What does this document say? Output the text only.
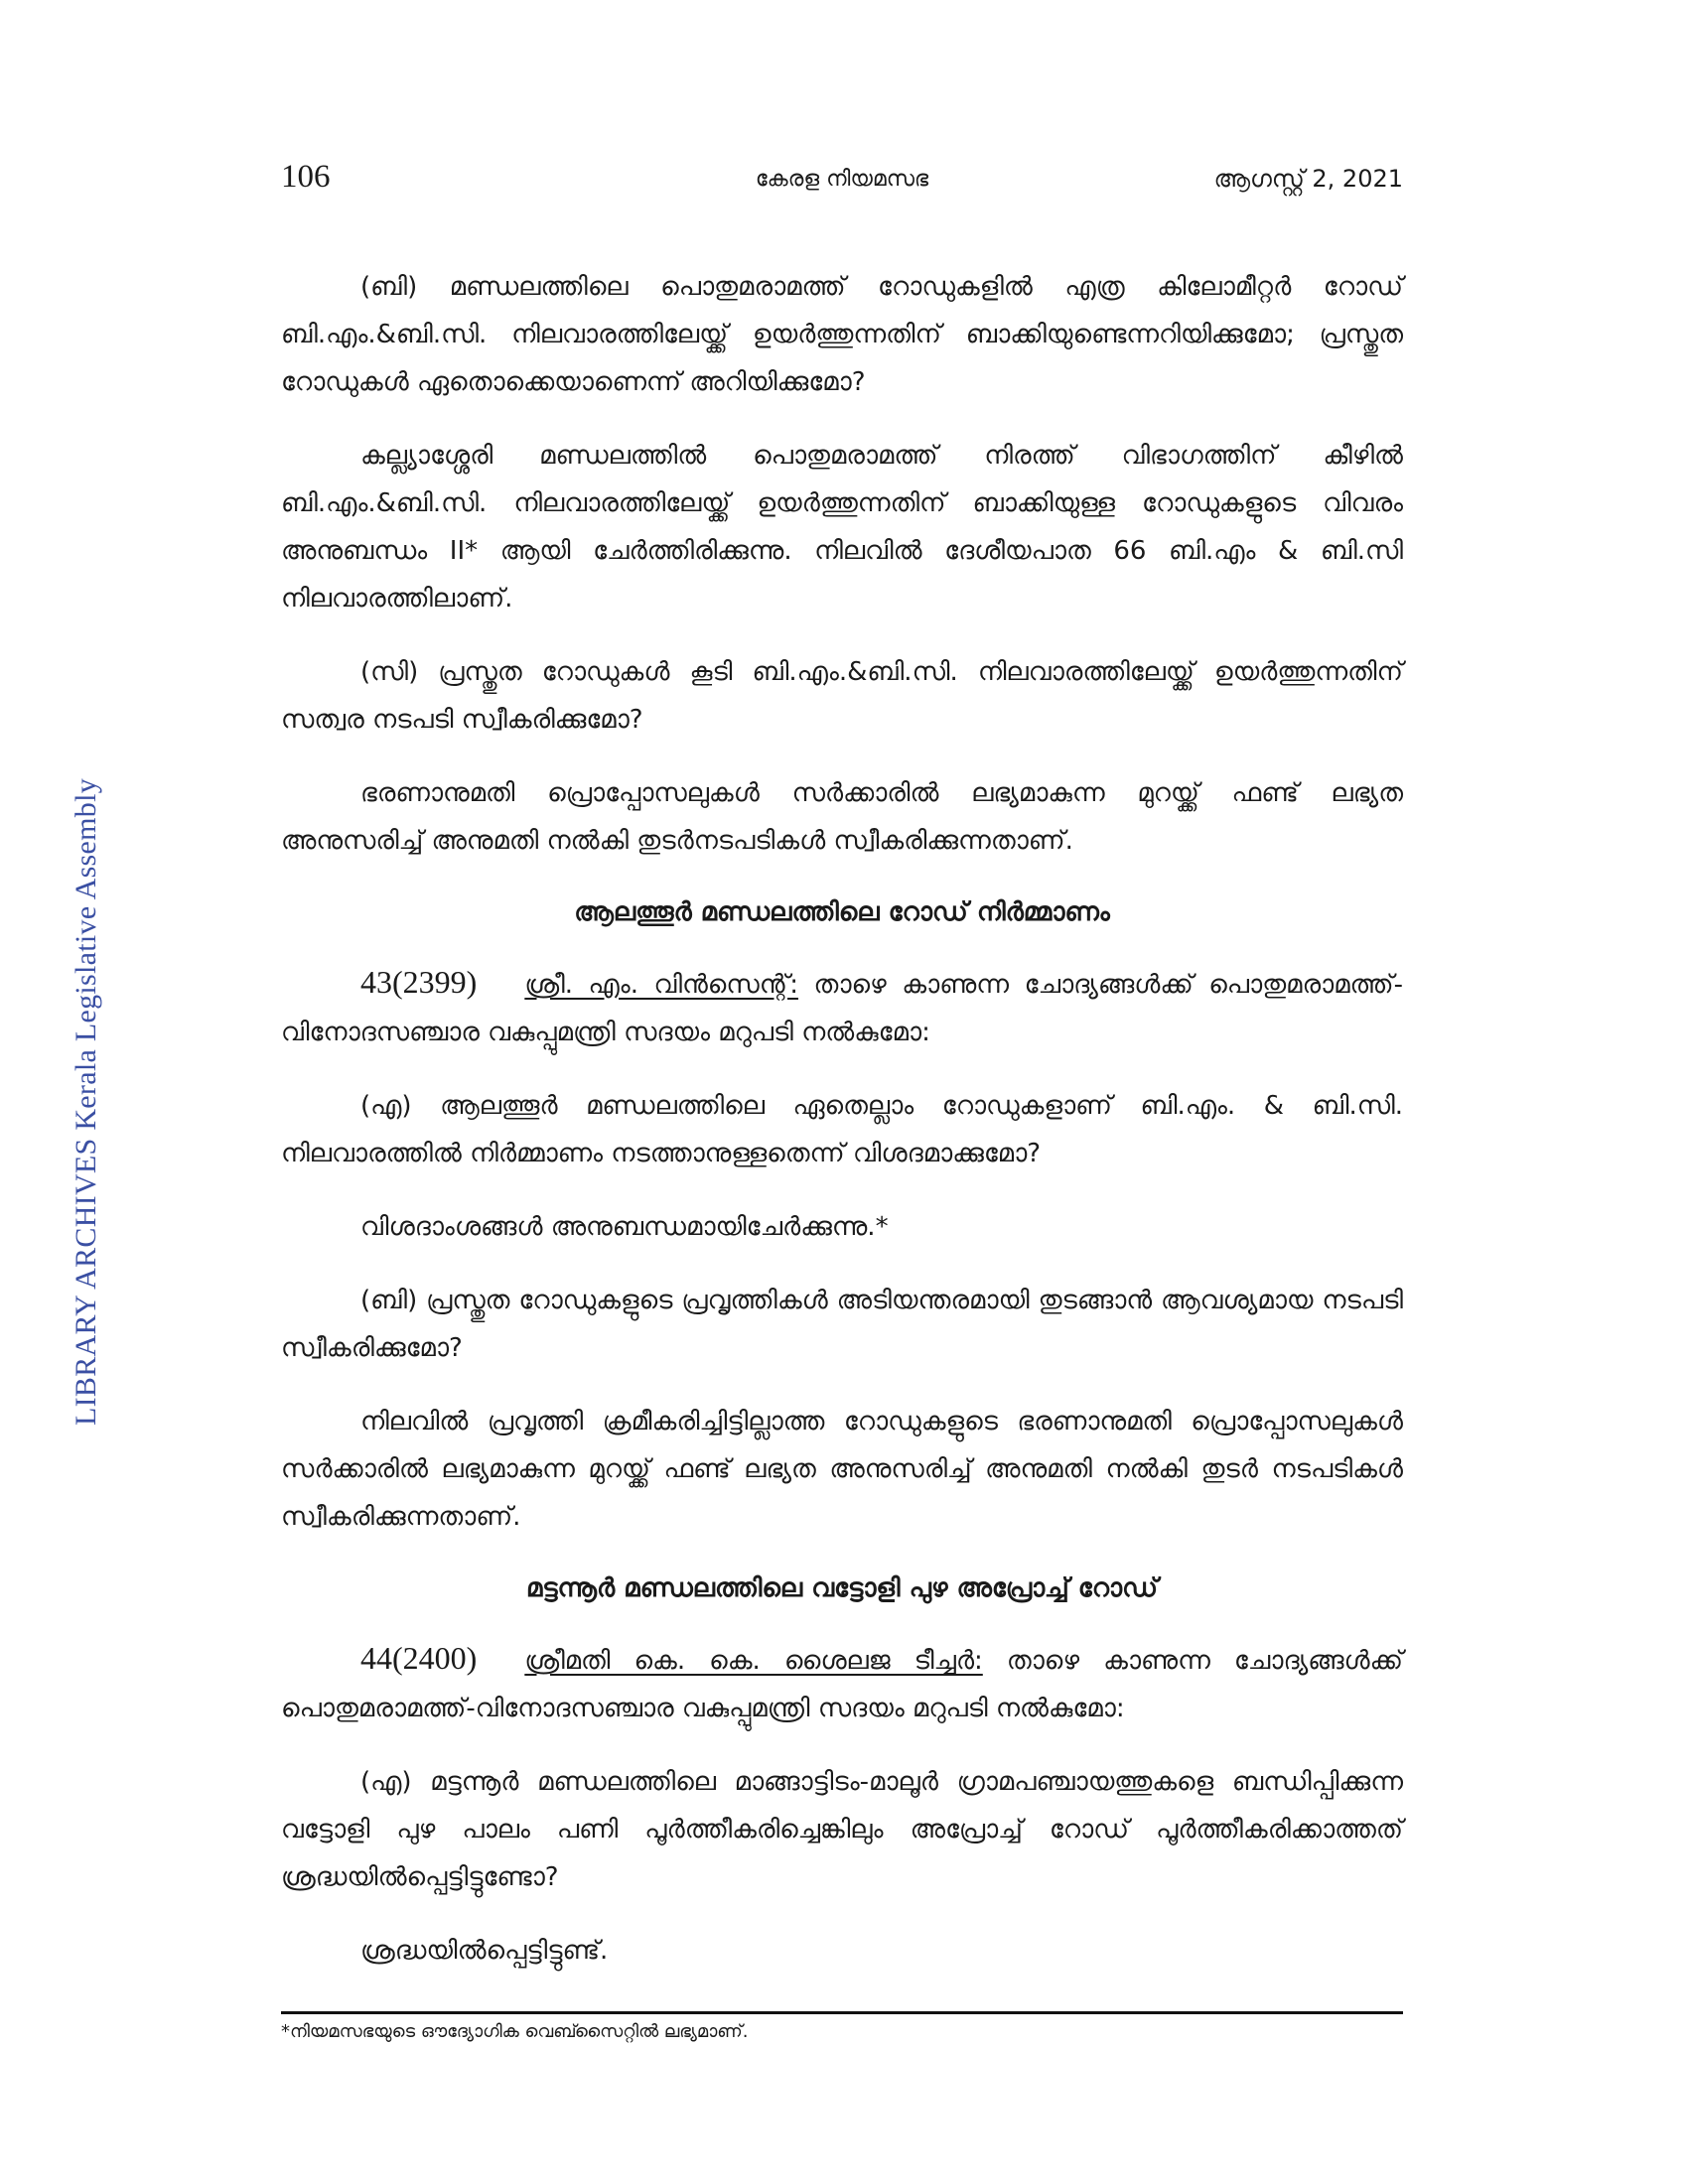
LIBRARY ARCHIVES Kerala Legislative Assembly
106	കേരള നിയമസഭ	ആഗസ്റ്റ് 2, 2021

(ബി) മണ്ഡലത്തിലെ പൊതുമരാമത്ത് റോഡുകളിൽ എത്ര കിലോമീറ്റർ റോഡ് ബി.എം.&ബി.സി. നിലവാരത്തിലേയ്ക്ക് ഉയർത്തുന്നതിന് ബാക്കിയുണ്ടെന്നറിയിക്കുമോ; പ്രസ്തുത റോഡുകൾ ഏതൊക്കെയാണെന്ന് അറിയിക്കുമോ?

കല്ല്യാശ്ശേരി മണ്ഡലത്തിൽ പൊതുമരാമത്ത് നിരത്ത് വിഭാഗത്തിന് കീഴിൽ ബി.എം.&ബി.സി. നിലവാരത്തിലേയ്ക്ക് ഉയർത്തുന്നതിന് ബാക്കിയുള്ള റോഡുകളുടെ വിവരം അനുബന്ധം II* ആയി ചേർത്തിരിക്കുന്നു. നിലവിൽ ദേശീയപാത 66 ബി.എം & ബി.സി നിലവാരത്തിലാണ്.

(സി) പ്രസ്തുത റോഡുകൾ കൂടി ബി.എം.&ബി.സി. നിലവാരത്തിലേയ്ക്ക് ഉയർത്തുന്നതിന് സത്വര നടപടി സ്വീകരിക്കുമോ?

ഭരണാനുമതി പ്രൊപ്പോസലുകൾ സർക്കാരിൽ ലഭ്യമാകുന്ന മുറയ്ക്ക് ഫണ്ട് ലഭ്യത അനുസരിച്ച് അനുമതി നൽകി തുടർനടപടികൾ സ്വീകരിക്കുന്നതാണ്.

ആലത്തൂർ മണ്ഡലത്തിലെ റോഡ് നിർമ്മാണം

43(2399) ശ്രീ. എം. വിൻസെന്റ്: താഴെ കാണുന്ന ചോദ്യങ്ങൾക്ക് പൊതുമരാമത്ത്-വിനോദസഞ്ചാര വകുപ്പുമന്ത്രി സദയം മറുപടി നൽകുമോ:

(എ) ആലത്തൂർ മണ്ഡലത്തിലെ ഏതെല്ലാം റോഡുകളാണ് ബി.എം. & ബി.സി. നിലവാരത്തിൽ നിർമ്മാണം നടത്താനുള്ളതെന്ന് വിശദമാക്കുമോ?

വിശദാംശങ്ങൾ അനുബന്ധമായിചേർക്കുന്നു.*

(ബി) പ്രസ്തുത റോഡുകളുടെ പ്രവൃത്തികൾ അടിയന്തരമായി തുടങ്ങാൻ ആവശ്യമായ നടപടി സ്വീകരിക്കുമോ?

നിലവിൽ പ്രവൃത്തി ക്രമീകരിച്ചിട്ടില്ലാത്ത റോഡുകളുടെ ഭരണാനുമതി പ്രൊപ്പോസലുകൾ സർക്കാരിൽ ലഭ്യമാകുന്ന മുറയ്ക്ക് ഫണ്ട് ലഭ്യത അനുസരിച്ച് അനുമതി നൽകി തുടർ നടപടികൾ സ്വീകരിക്കുന്നതാണ്.

മട്ടന്നൂർ മണ്ഡലത്തിലെ വട്ടോളി പുഴ അപ്രോച്ച് റോഡ്

44(2400) ശ്രീമതി കെ. കെ. ശൈലജ ടീച്ചർ: താഴെ കാണുന്ന ചോദ്യങ്ങൾക്ക് പൊതുമരാമത്ത്-വിനോദസഞ്ചാര വകുപ്പുമന്ത്രി സദയം മറുപടി നൽകുമോ:

(എ) മട്ടന്നൂർ മണ്ഡലത്തിലെ മാങ്ങാട്ടിടം-മാലൂർ ഗ്രാമപഞ്ചായത്തുകളെ ബന്ധിപ്പിക്കുന്ന വട്ടോളി പുഴ പാലം പണി പൂർത്തീകരിച്ചെങ്കിലും അപ്രോച്ച് റോഡ് പൂർത്തീകരിക്കാത്തത് ശ്രദ്ധയിൽപ്പെട്ടിട്ടുണ്ടോ?

ശ്രദ്ധയിൽപ്പെട്ടിട്ടുണ്ട്.

*നിയമസഭയുടെ ഔദ്യോഗിക വെബ്സൈറ്റിൽ ലഭ്യമാണ്.
